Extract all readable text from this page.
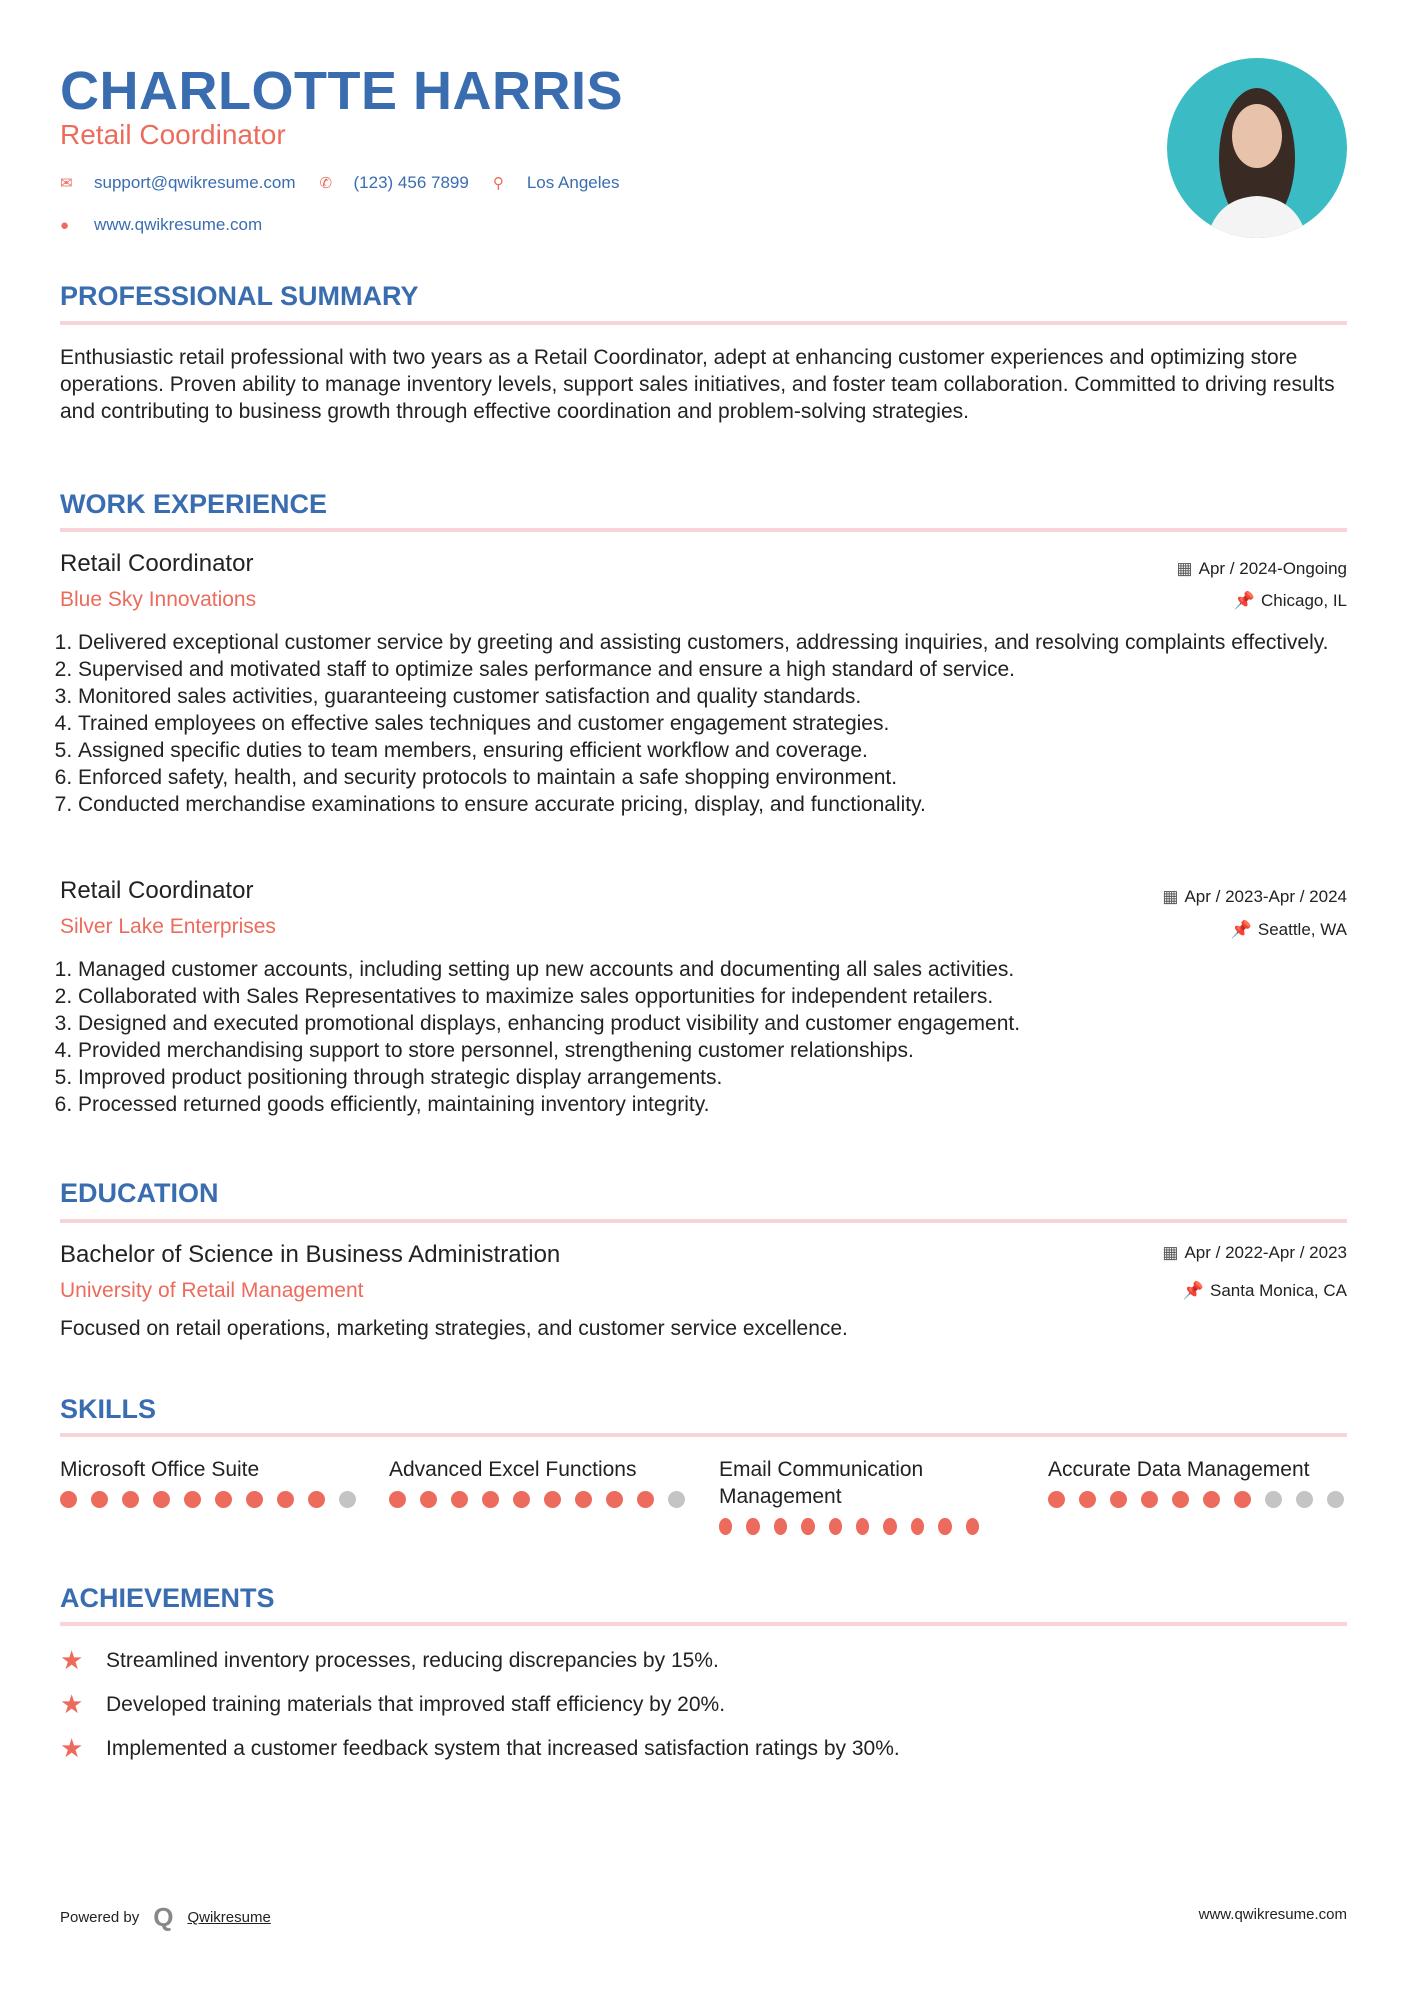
CHARLOTTE HARRIS
Retail Coordinator
✉	support@qwikresume.com ✆	(123) 456 7899 ⚲	Los Angeles
●	www.qwikresume.com
PROFESSIONAL SUMMARY
Enthusiastic retail professional with two years as a Retail Coordinator, adept at enhancing customer experiences and optimizing store operations. Proven ability to manage inventory levels, support sales initiatives, and foster team collaboration. Committed to driving results and contributing to business growth through effective coordination and problem-solving strategies.
WORK EXPERIENCE
Retail Coordinator
Blue Sky Innovations
▦ Apr / 2024-Ongoing
📌 Chicago, IL
1. Delivered exceptional customer service by greeting and assisting customers, addressing inquiries, and resolving complaints effectively.
2. Supervised and motivated staff to optimize sales performance and ensure a high standard of service.
3. Monitored sales activities, guaranteeing customer satisfaction and quality standards.
4. Trained employees on effective sales techniques and customer engagement strategies.
5. Assigned specific duties to team members, ensuring efficient workflow and coverage.
6. Enforced safety, health, and security protocols to maintain a safe shopping environment.
7. Conducted merchandise examinations to ensure accurate pricing, display, and functionality.
Retail Coordinator
Silver Lake Enterprises
▦ Apr / 2023-Apr / 2024
📌 Seattle, WA
1. Managed customer accounts, including setting up new accounts and documenting all sales activities.
2. Collaborated with Sales Representatives to maximize sales opportunities for independent retailers.
3. Designed and executed promotional displays, enhancing product visibility and customer engagement.
4. Provided merchandising support to store personnel, strengthening customer relationships.
5. Improved product positioning through strategic display arrangements.
6. Processed returned goods efficiently, maintaining inventory integrity.
EDUCATION
Bachelor of Science in Business Administration
University of Retail Management
▦ Apr / 2022-Apr / 2023
📌 Santa Monica, CA
Focused on retail operations, marketing strategies, and customer service excellence.
SKILLS
Microsoft Office Suite	Advanced Excel Functions	Email Communication Management
Accurate Data Management
ACHIEVEMENTS
★	Streamlined inventory processes, reducing discrepancies by 15%.
★	Developed training materials that improved staff efficiency by 20%.
★	Implemented a customer feedback system that increased satisfaction ratings by 30%.
Powered by Q Qwikresume	www.qwikresume.com
